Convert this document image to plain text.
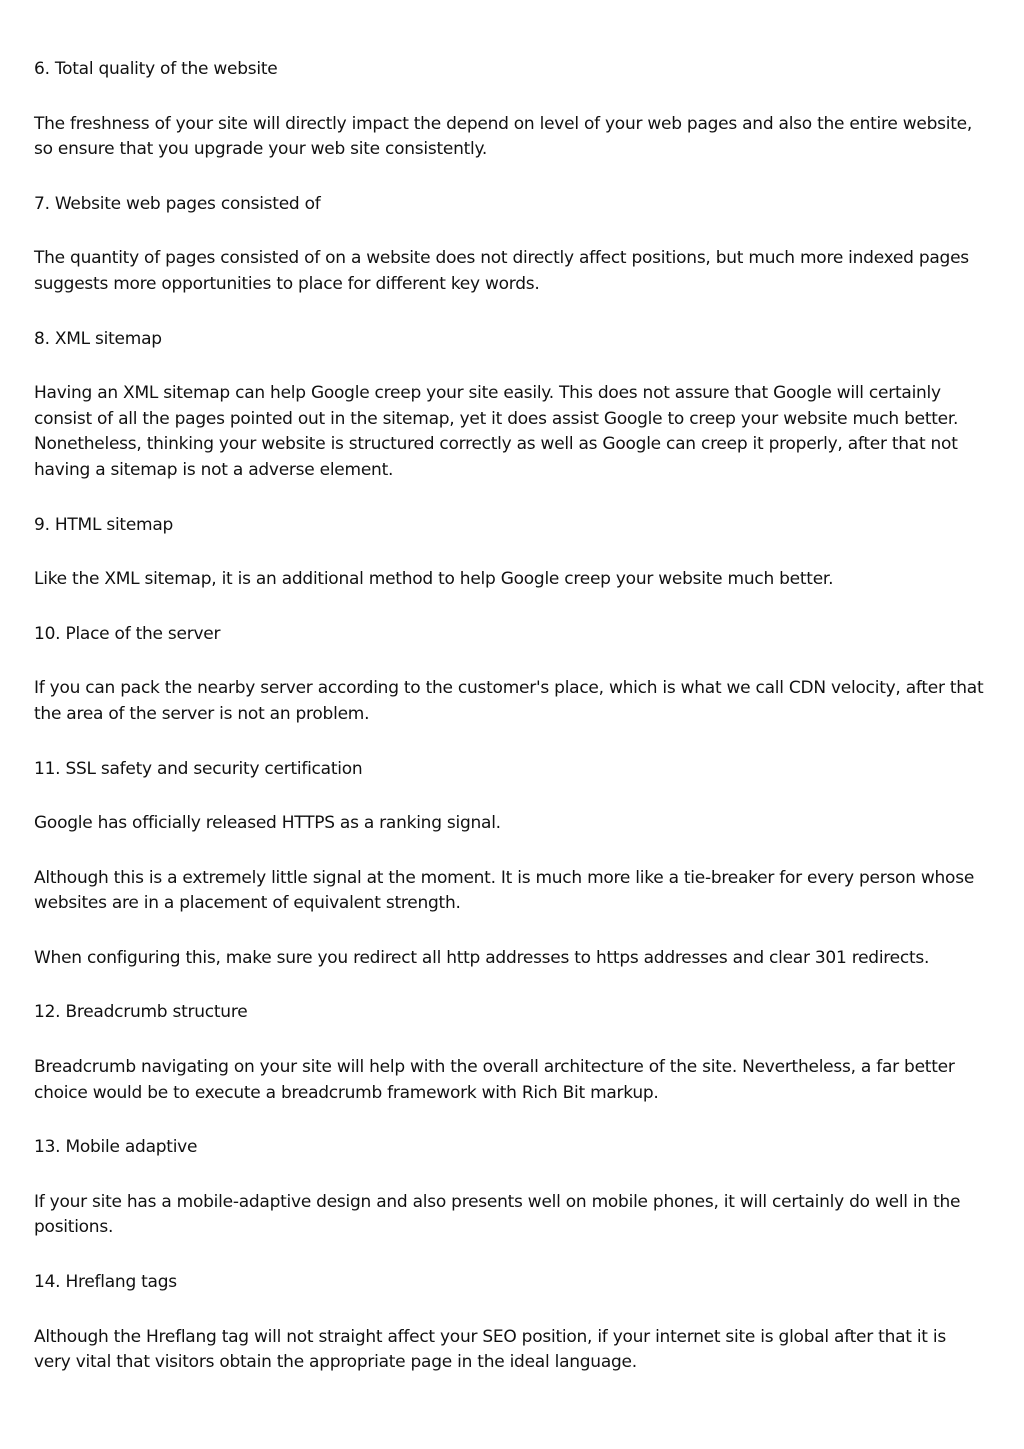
6. Total quality of the website

The freshness of your site will directly impact the depend on level of your web pages and also the entire website, so ensure that you upgrade your web site consistently.

7. Website web pages consisted of

The quantity of pages consisted of on a website does not directly affect positions, but much more indexed pages suggests more opportunities to place for different key words.

8. XML sitemap

Having an XML sitemap can help Google creep your site easily. This does not assure that Google will certainly consist of all the pages pointed out in the sitemap, yet it does assist Google to creep your website much better. Nonetheless, thinking your website is structured correctly as well as Google can creep it properly, after that not having a sitemap is not a adverse element.

9. HTML sitemap

Like the XML sitemap, it is an additional method to help Google creep your website much better.

10. Place of the server

If you can pack the nearby server according to the customer's place, which is what we call CDN velocity, after that the area of the server is not an problem.

11. SSL safety and security certification

Google has officially released HTTPS as a ranking signal.

Although this is a extremely little signal at the moment. It is much more like a tie-breaker for every person whose websites are in a placement of equivalent strength.

When configuring this, make sure you redirect all http addresses to https addresses and clear 301 redirects.

12. Breadcrumb structure

Breadcrumb navigating on your site will help with the overall architecture of the site. Nevertheless, a far better choice would be to execute a breadcrumb framework with Rich Bit markup.

13. Mobile adaptive

If your site has a mobile-adaptive design and also presents well on mobile phones, it will certainly do well in the positions.

14. Hreflang tags

Although the Hreflang tag will not straight affect your SEO position, if your internet site is global after that it is very vital that visitors obtain the appropriate page in the ideal language.
